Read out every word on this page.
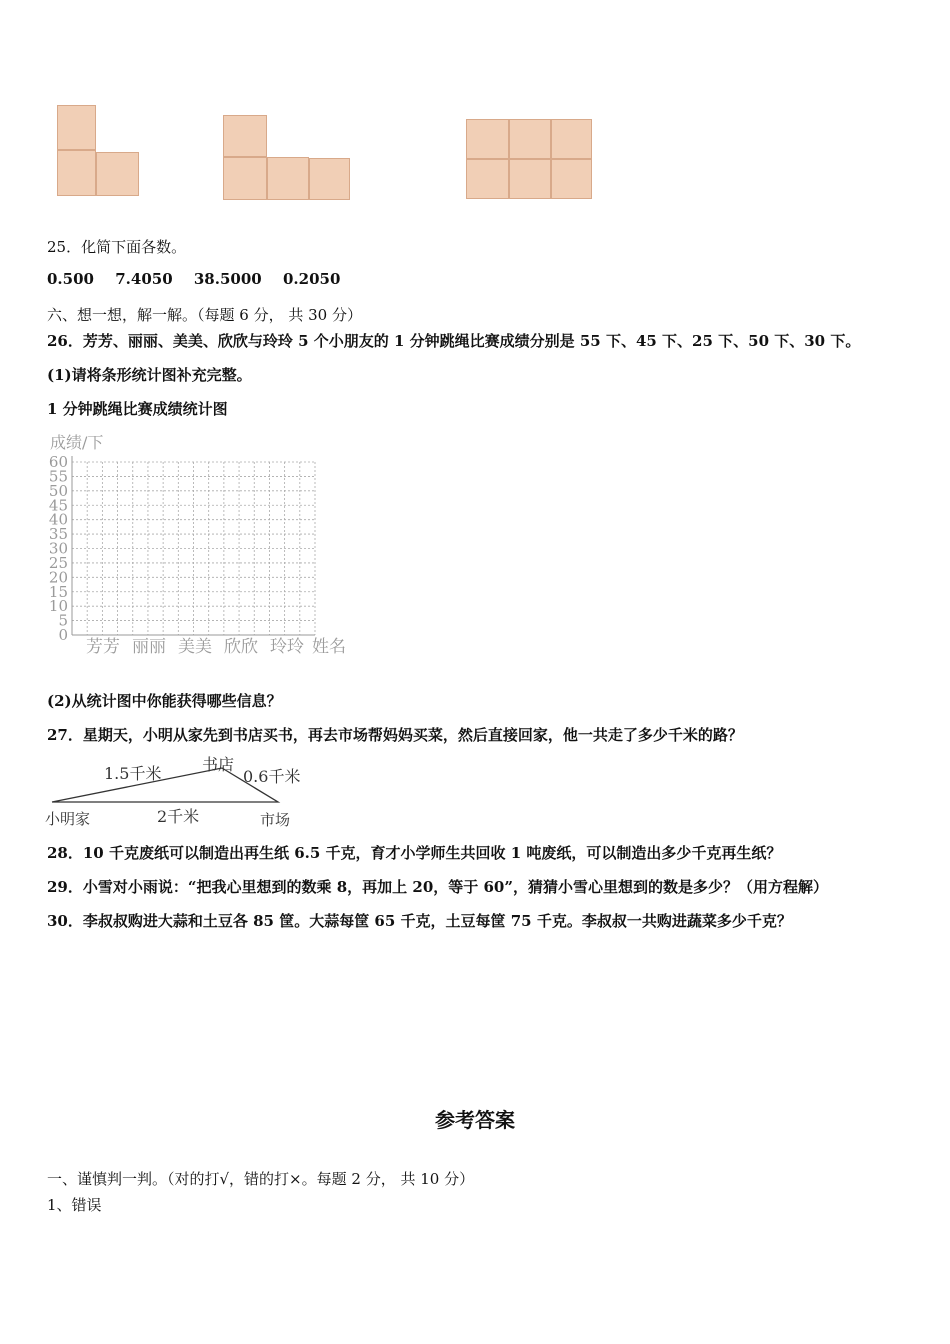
25．化简下面各数。
0.500 7.4050 38.5000 0.2050
六、想一想，解一解。（每题 6 分， 共 30 分）
26．芳芳、丽丽、美美、欣欣与玲玲 5 个小朋友的 1 分钟跳绳比赛成绩分别是 55 下、45 下、25 下、50 下、30 下。
(1)请将条形统计图补充完整。
1 分钟跳绳比赛成绩统计图
成绩/下
0
5
10
15
20
25
30
35
40
45
50
55
60
芳芳 丽丽 美美 欣欣 玲玲 姓名
(2)从统计图中你能获得哪些信息？
27．星期天，小明从家先到书店买书，再去市场帮妈妈买菜，然后直接回家，他一共走了多少千米的路？
1.5千米	书店
0.6千米
2千米
小明家	市场
28．10 千克废纸可以制造出再生纸 6.5 千克，育才小学师生共回收 1 吨废纸，可以制造出多少千克再生纸？
29．小雪对小雨说：“把我心里想到的数乘 8，再加上 20，等于 60”，猜猜小雪心里想到的数是多少？（用方程解）
30．李叔叔购进大蒜和土豆各 85 筐。大蒜每筐 65 千克，土豆每筐 75 千克。李叔叔一共购进蔬菜多少千克？
参考答案
一、谨慎判一判。（对的打√，错的打×。每题 2 分， 共 10 分）
1、错误
